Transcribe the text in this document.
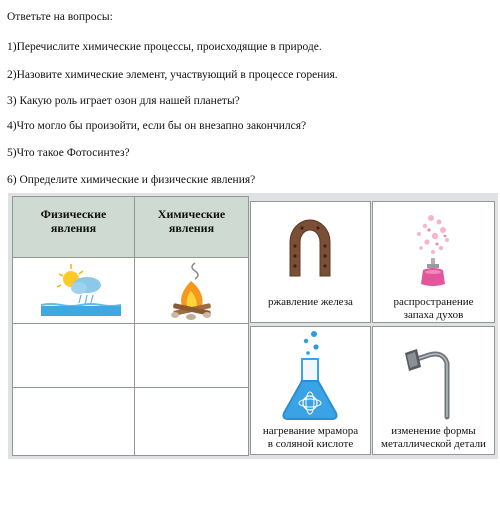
Ответьте на вопросы:
1)Перечислите химические процессы, происходящие в природе.
2)Назовите химические элемент, участвующий в процессе горения.
3) Какую роль играет озон для нашей планеты?
4)Что могло бы произойти, если бы он внезапно закончился?
5)Что такое Фотосинтез?
6) Определите химические и физические явления?
Физические
явления
Химические
явления
ржавление железа	распространение
запаха духов
нагревание мрамора
в соляной кислоте
изменение формы
металлической детали
